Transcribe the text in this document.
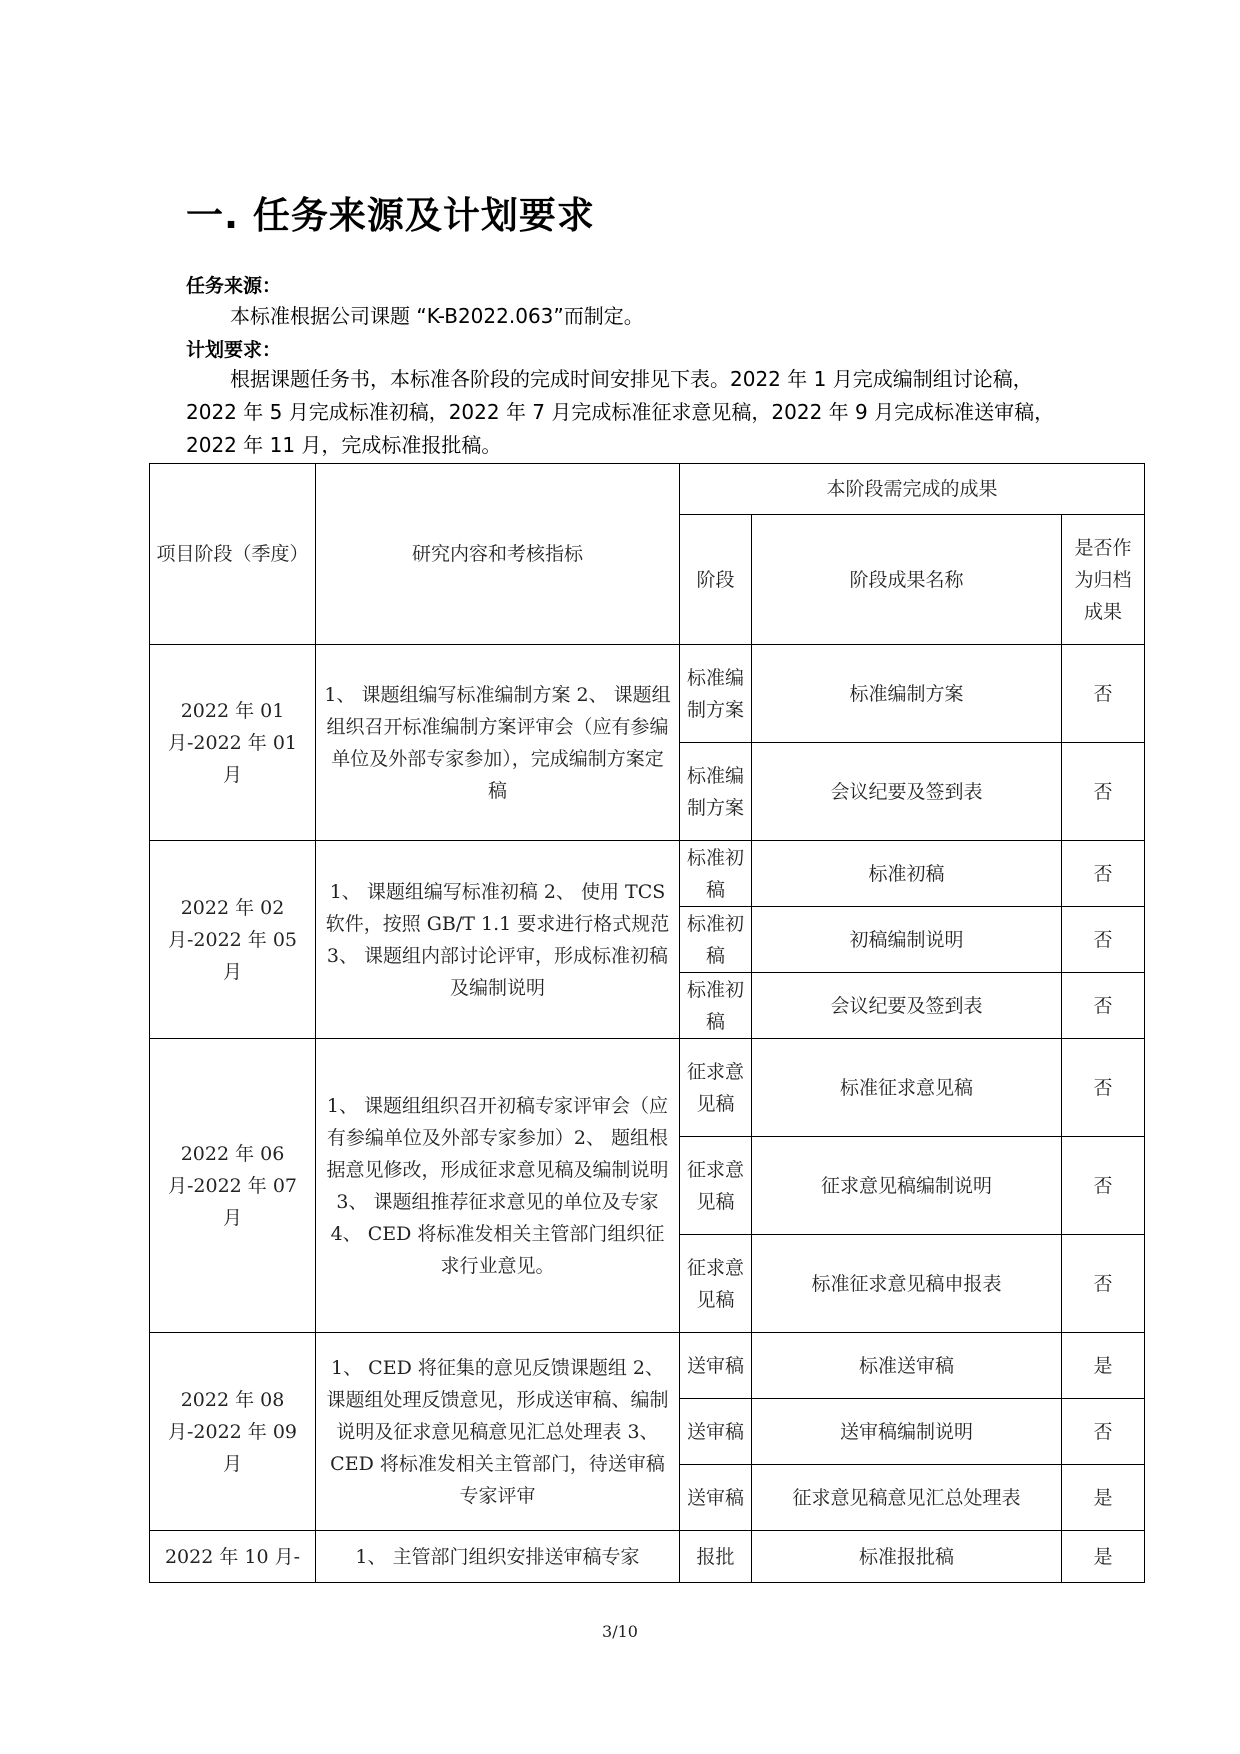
一. 任务来源及计划要求
任务来源：

本标准根据公司课题 “K-B2022.063”而制定。

计划要求：

根据课题任务书，本标准各阶段的完成时间安排见下表。2022 年 1 月完成编制组讨论稿，2022 年 5 月完成标准初稿，2022 年 7 月完成标准征求意见稿，2022 年 9 月完成标准送审稿，2022 年 11 月，完成标准报批稿。

项目阶段（季度）	研究内容和考核指标	本阶段需完成的成果		
		阶段	阶段成果名称	是否作为归档成果
2022 年 01 月-2022 年 01 月	1、 课题组编写标准编制方案 2、 课题组组织召开标准编制方案评审会（应有参编单位及外部专家参加），完成编制方案定稿	标准编制方案	标准编制方案	否
		标准编制方案	会议纪要及签到表	否
2022 年 02 月-2022 年 05 月	1、 课题组编写标准初稿 2、 使用 TCS 软件，按照 GB/T 1.1 要求进行格式规范 3、 课题组内部讨论评审，形成标准初稿及编制说明	标准初稿	标准初稿	否
		标准初稿	初稿编制说明	否
		标准初稿	会议纪要及签到表	否
2022 年 06 月-2022 年 07 月	1、 课题组组织召开初稿专家评审会（应有参编单位及外部专家参加）2、 题组根据意见修改，形成征求意见稿及编制说明 3、 课题组推荐征求意见的单位及专家 4、 CED 将标准发相关主管部门组织征求行业意见。	征求意见稿	标准征求意见稿	否
		征求意见稿	征求意见稿编制说明	否
		征求意见稿	标准征求意见稿申报表	否
2022 年 08 月-2022 年 09 月	1、 CED 将征集的意见反馈课题组 2、 课题组处理反馈意见，形成送审稿、编制说明及征求意见稿意见汇总处理表 3、 CED 将标准发相关主管部门，待送审稿专家评审	送审稿	标准送审稿	是
		送审稿	送审稿编制说明	否
		送审稿	征求意见稿意见汇总处理表	是
2022 年 10 月-	1、 主管部门组织安排送审稿专家	报批	标准报批稿	是
3/10
